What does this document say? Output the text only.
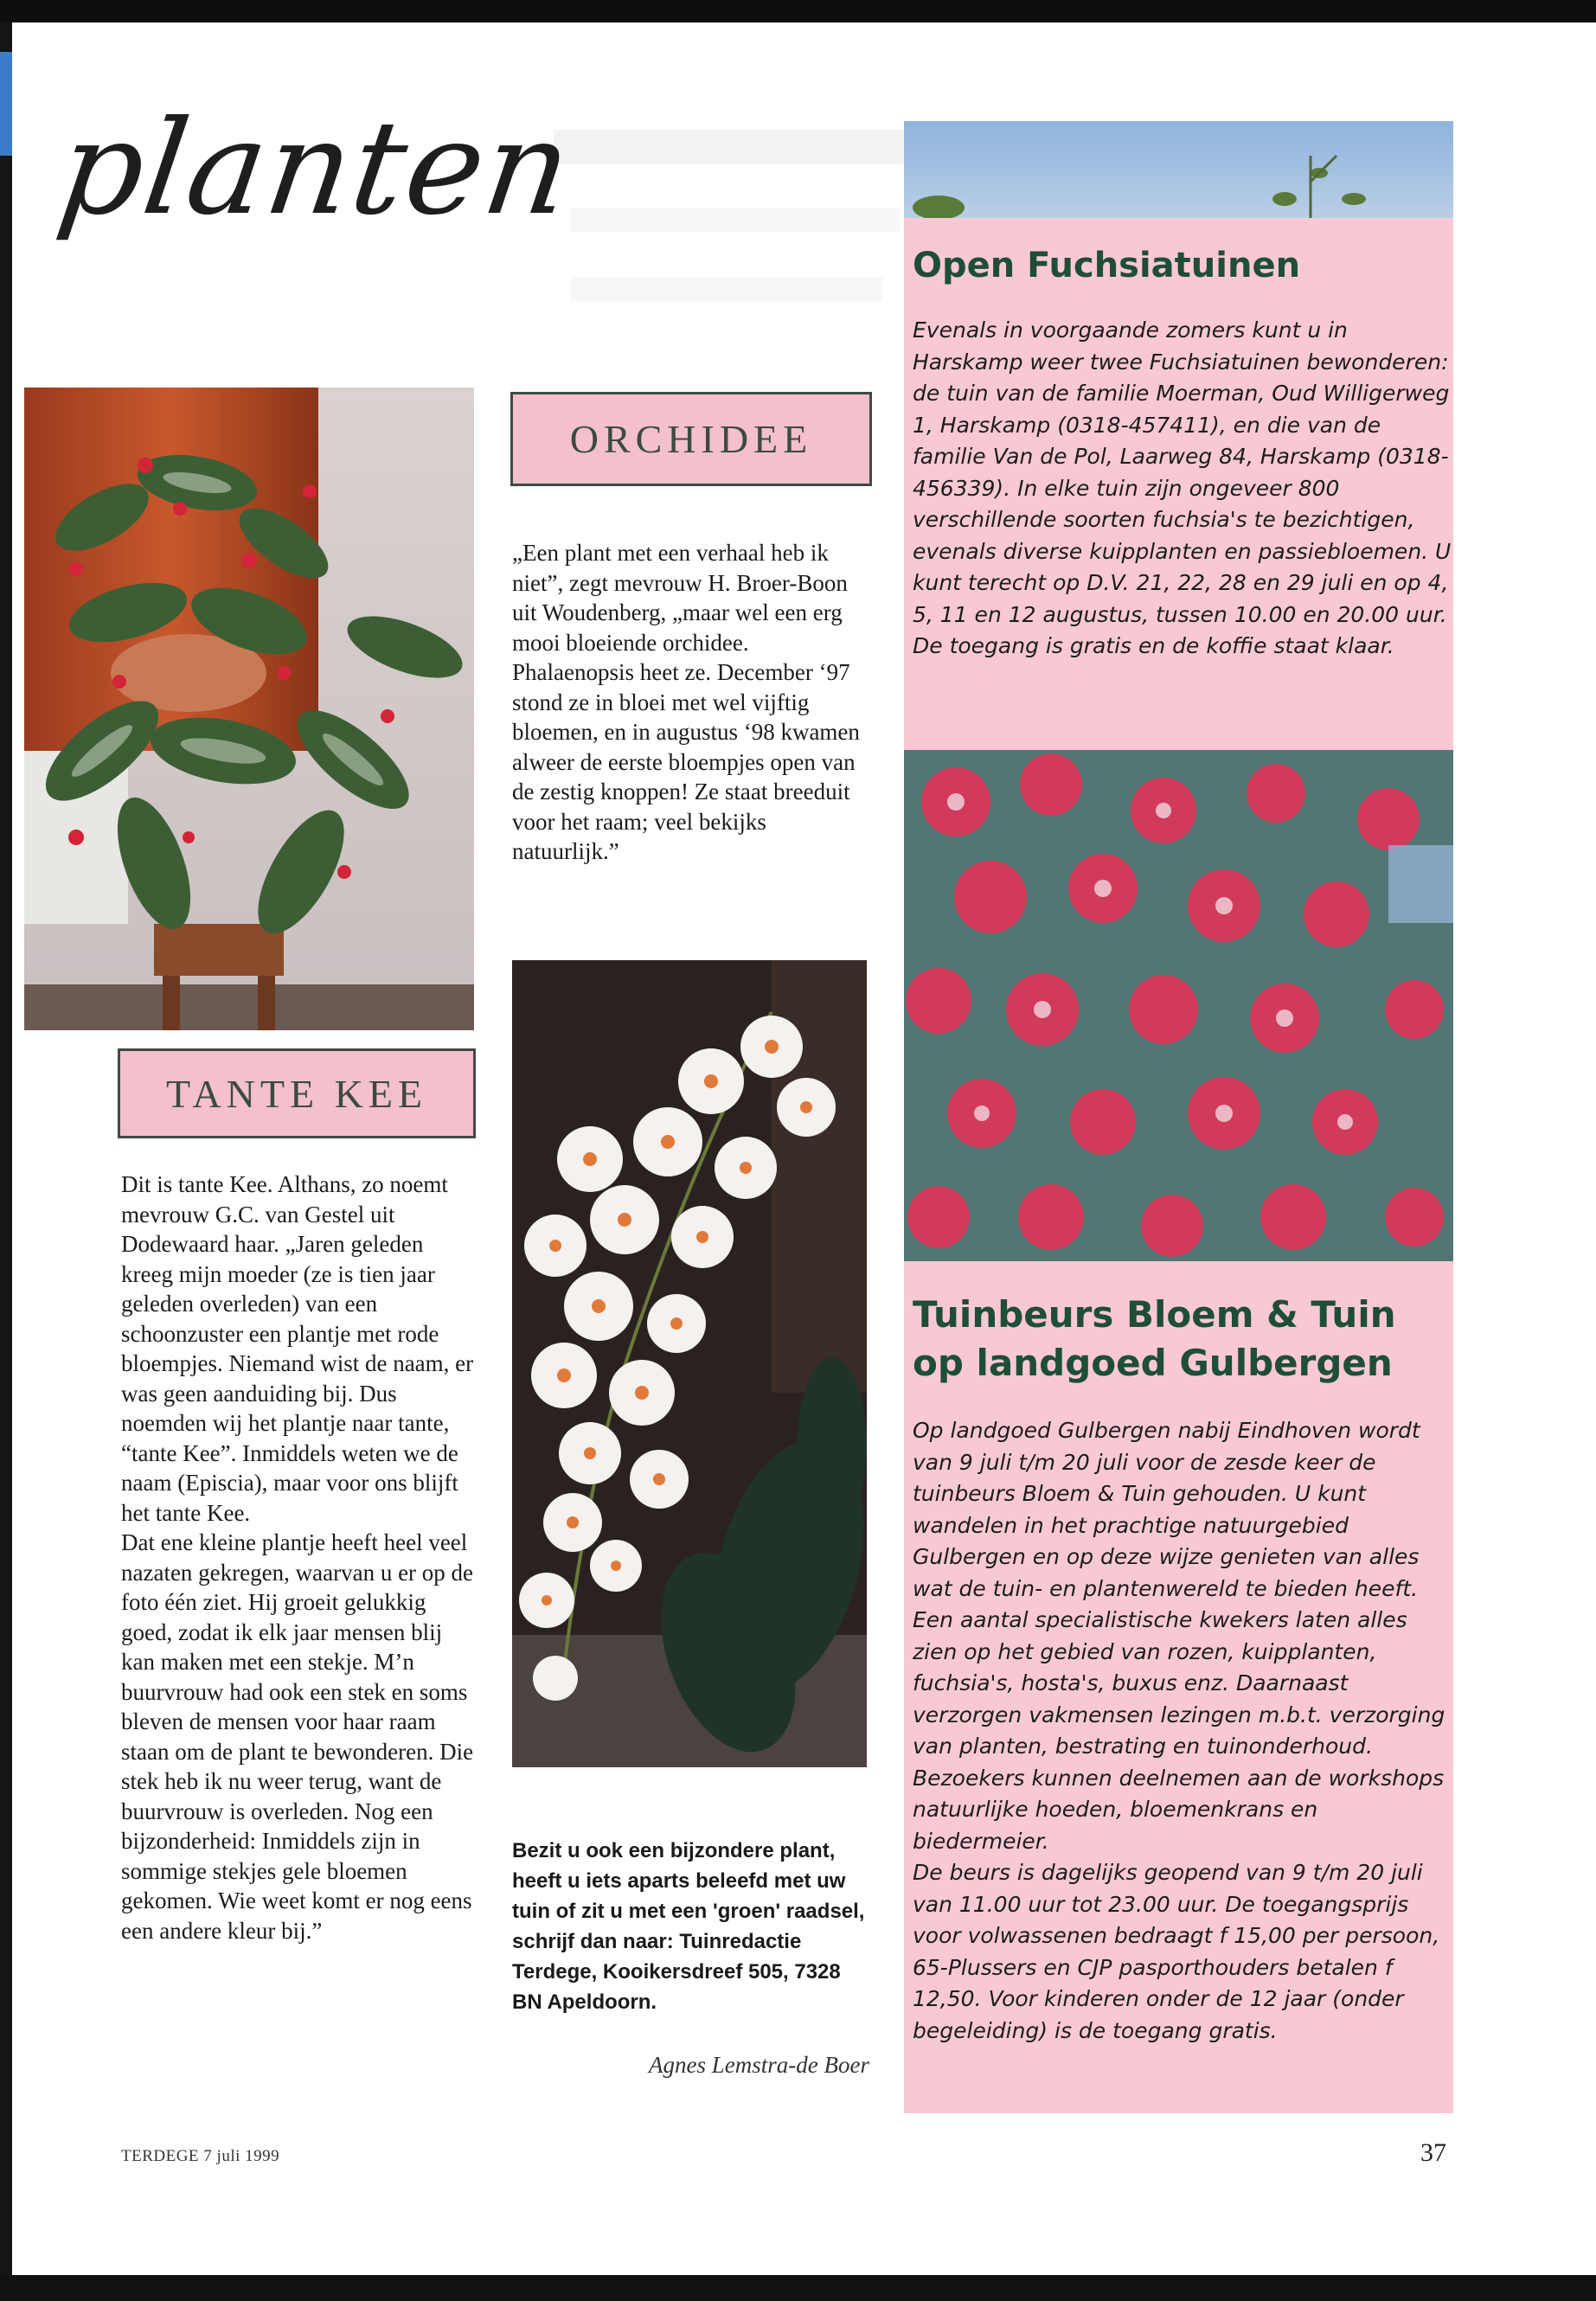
planten
ORCHIDEE
„Een plant met een verhaal heb ik niet”, zegt mevrouw H. Broer-Boon uit Woudenberg, „maar wel een erg mooi bloeiende orchidee. Phalaenopsis heet ze. December ‘97 stond ze in bloei met wel vijftig bloemen, en in augustus ‘98 kwamen alweer de eerste bloempjes open van de zestig knoppen! Ze staat breeduit voor het raam; veel bekijks natuurlijk.”
Bezit u ook een bijzondere plant, heeft u iets aparts beleefd met uw tuin of zit u met een 'groen' raadsel, schrijf dan naar: Tuinredactie Terdege, Kooikersdreef 505, 7328 BN Apeldoorn.
Agnes Lemstra-de Boer
TANTE KEE
Dit is tante Kee. Althans, zo noemt mevrouw G.C. van Gestel uit Dodewaard haar. „Jaren geleden kreeg mijn moeder (ze is tien jaar geleden overleden) van een schoonzuster een plantje met rode bloempjes. Niemand wist de naam, er was geen aanduiding bij. Dus noemden wij het plantje naar tante, “tante Kee”. Inmiddels weten we de naam (Episcia), maar voor ons blijft het tante Kee.
Dat ene kleine plantje heeft heel veel nazaten gekregen, waarvan u er op de foto één ziet. Hij groeit gelukkig goed, zodat ik elk jaar mensen blij kan maken met een stekje. M’n buurvrouw had ook een stek en soms bleven de mensen voor haar raam staan om de plant te bewonderen. Die stek heb ik nu weer terug, want de buurvrouw is overleden. Nog een bijzonderheid: Inmiddels zijn in sommige stekjes gele bloemen gekomen. Wie weet komt er nog eens een andere kleur bij.”
Open Fuchsiatuinen
Evenals in voorgaande zomers kunt u in Harskamp weer twee Fuchsiatuinen bewonderen: de tuin van de familie Moerman, Oud Willigerweg 1, Harskamp (0318-457411), en die van de familie Van de Pol, Laarweg 84, Harskamp (0318-456339). In elke tuin zijn ongeveer 800 verschillende soorten fuchsia's te bezichtigen, evenals diverse kuipplanten en passiebloemen. U kunt terecht op D.V. 21, 22, 28 en 29 juli en op 4, 5, 11 en 12 augustus, tussen 10.00 en 20.00 uur. De toegang is gratis en de koffie staat klaar.
Tuinbeurs Bloem & Tuin op landgoed Gulbergen
Op landgoed Gulbergen nabij Eindhoven wordt van 9 juli t/m 20 juli voor de zesde keer de tuinbeurs Bloem & Tuin gehouden. U kunt wandelen in het prachtige natuurgebied Gulbergen en op deze wijze genieten van alles wat de tuin- en plantenwereld te bieden heeft. Een aantal specialistische kwekers laten alles zien op het gebied van rozen, kuipplanten, fuchsia's, hosta's, buxus enz. Daarnaast verzorgen vakmensen lezingen m.b.t. verzorging van planten, bestrating en tuinonderhoud. Bezoekers kunnen deelnemen aan de workshops natuurlijke hoeden, bloemenkrans en biedermeier.
De beurs is dagelijks geopend van 9 t/m 20 juli van 11.00 uur tot 23.00 uur. De toegangsprijs voor volwassenen bedraagt f 15,00 per persoon, 65-Plussers en CJP pasporthouders betalen f 12,50. Voor kinderen onder de 12 jaar (onder begeleiding) is de toegang gratis.
TERDEGE 7 juli 1999	37
